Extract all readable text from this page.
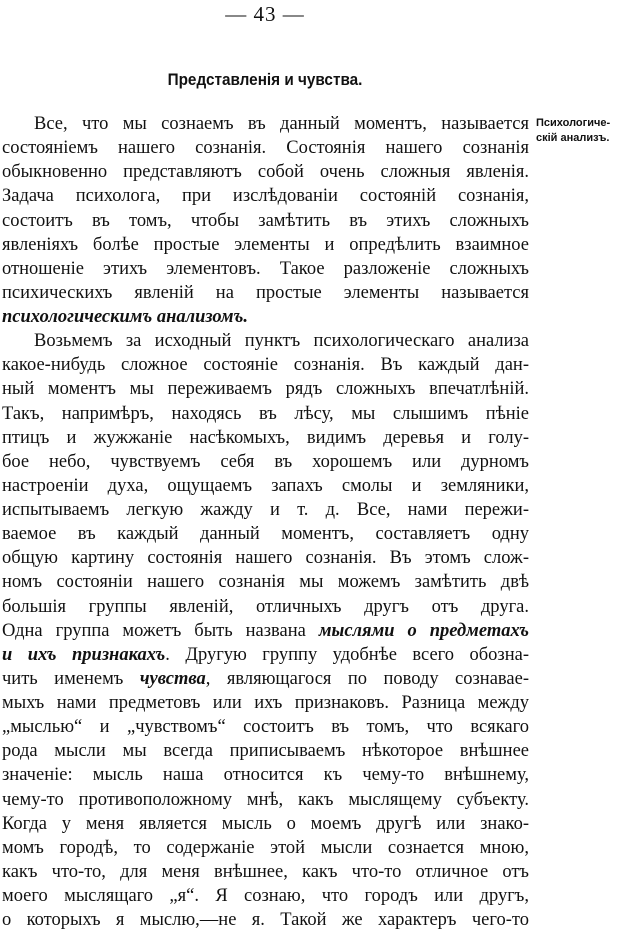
— 43 —
Представленія и чувства.
Психологиче-
скій анализъ.
Все, что мы сознаемъ въ данный моментъ, называется
состояніемъ нашего сознанія. Состоянія нашего сознанія
обыкновенно представляютъ собой очень сложныя явленія.
Задача психолога, при изслѣдованіи состояній сознанія,
состоитъ въ томъ, чтобы замѣтить въ этихъ сложныхъ
явленіяхъ болѣе простые элементы и опредѣлить взаимное
отношеніе этихъ элементовъ. Такое разложеніе сложныхъ
психическихъ явленій на простые элементы называется
психологическимъ анализомъ.
Возьмемъ за исходный пунктъ психологическаго анализа
какое-нибудь сложное состояніе сознанія. Въ каждый дан-
ный моментъ мы переживаемъ рядъ сложныхъ впечатлѣній.
Такъ, напримѣръ, находясь въ лѣсу, мы слышимъ пѣніе
птицъ и жужжаніе насѣкомыхъ, видимъ деревья и голу-
бое небо, чувствуемъ себя въ хорошемъ или дурномъ
настроеніи духа, ощущаемъ запахъ смолы и земляники,
испытываемъ легкую жажду и т. д. Все, нами пережи-
ваемое въ каждый данный моментъ, составляетъ одну
общую картину состоянія нашего сознанія. Въ этомъ слож-
номъ состояніи нашего сознанія мы можемъ замѣтить двѣ
большія группы явленій, отличныхъ другъ отъ друга.
Одна группа можетъ быть названа мыслями о предметахъ
и ихъ признакахъ. Другую группу удобнѣе всего обозна-
чить именемъ чувства, являющагося по поводу сознавае-
мыхъ нами предметовъ или ихъ признаковъ. Разница между
„мыслью“ и „чувствомъ“ состоитъ въ томъ, что всякаго
рода мысли мы всегда приписываемъ нѣкоторое внѣшнее
значеніе: мысль наша относится къ чему-то внѣшнему,
чему-то противоположному мнѣ, какъ мыслящему субъекту.
Когда у меня является мысль о моемъ другѣ или знако-
момъ городѣ, то содержаніе этой мысли сознается мною,
какъ что-то, для меня внѣшнее, какъ что-то отличное отъ
моего мыслящаго „я“. Я сознаю, что городъ или другъ,
о которыхъ я мыслю,—не я. Такой же характеръ чего-то
